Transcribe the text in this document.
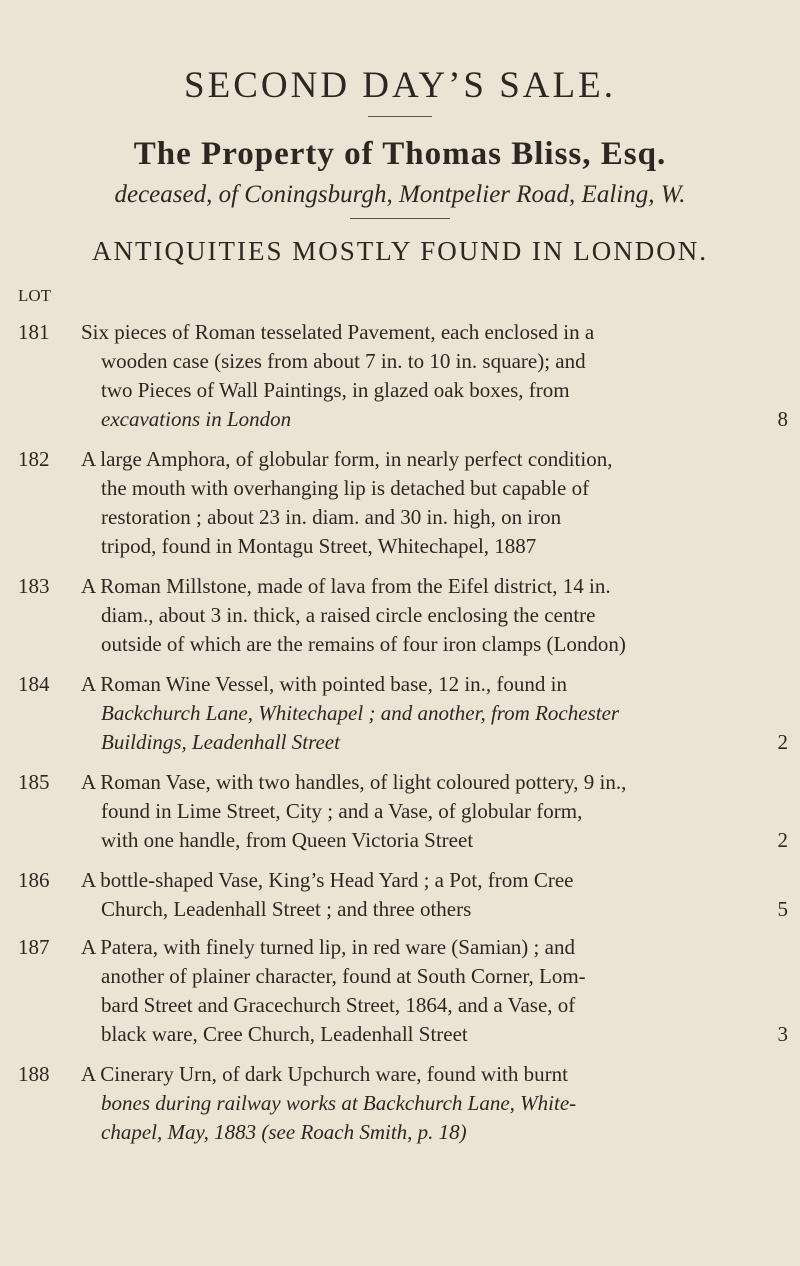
SECOND DAY’S SALE.
The Property of Thomas Bliss, Esq.
deceased, of Coningsburgh, Montpelier Road, Ealing, W.
ANTIQUITIES MOSTLY FOUND IN LONDON.
LOT
181	Six pieces of Roman tesselated Pavement, each enclosed in a
wooden case (sizes from about 7 in. to 10 in. square); and
two Pieces of Wall Paintings, in glazed oak boxes, from
excavations in London	8
182	A large Amphora, of globular form, in nearly perfect condition,
the mouth with overhanging lip is detached but capable of
restoration ; about 23 in. diam. and 30 in. high, on iron
tripod, found in Montagu Street, Whitechapel, 1887
183	A Roman Millstone, made of lava from the Eifel district, 14 in.
diam., about 3 in. thick, a raised circle enclosing the centre
outside of which are the remains of four iron clamps (London)
184	A Roman Wine Vessel, with pointed base, 12 in., found in
Backchurch Lane, Whitechapel ; and another, from Rochester
Buildings, Leadenhall Street	2
185	A Roman Vase, with two handles, of light coloured pottery, 9 in.,
found in Lime Street, City ; and a Vase, of globular form,
with one handle, from Queen Victoria Street	2
186	A bottle-shaped Vase, King’s Head Yard ; a Pot, from Cree
Church, Leadenhall Street ; and three others	5
187	A Patera, with finely turned lip, in red ware (Samian) ; and
another of plainer character, found at South Corner, Lom-
bard Street and Gracechurch Street, 1864, and a Vase, of
black ware, Cree Church, Leadenhall Street	3
188	A Cinerary Urn, of dark Upchurch ware, found with burnt
bones during railway works at Backchurch Lane, White-
chapel, May, 1883 (see Roach Smith, p. 18)
